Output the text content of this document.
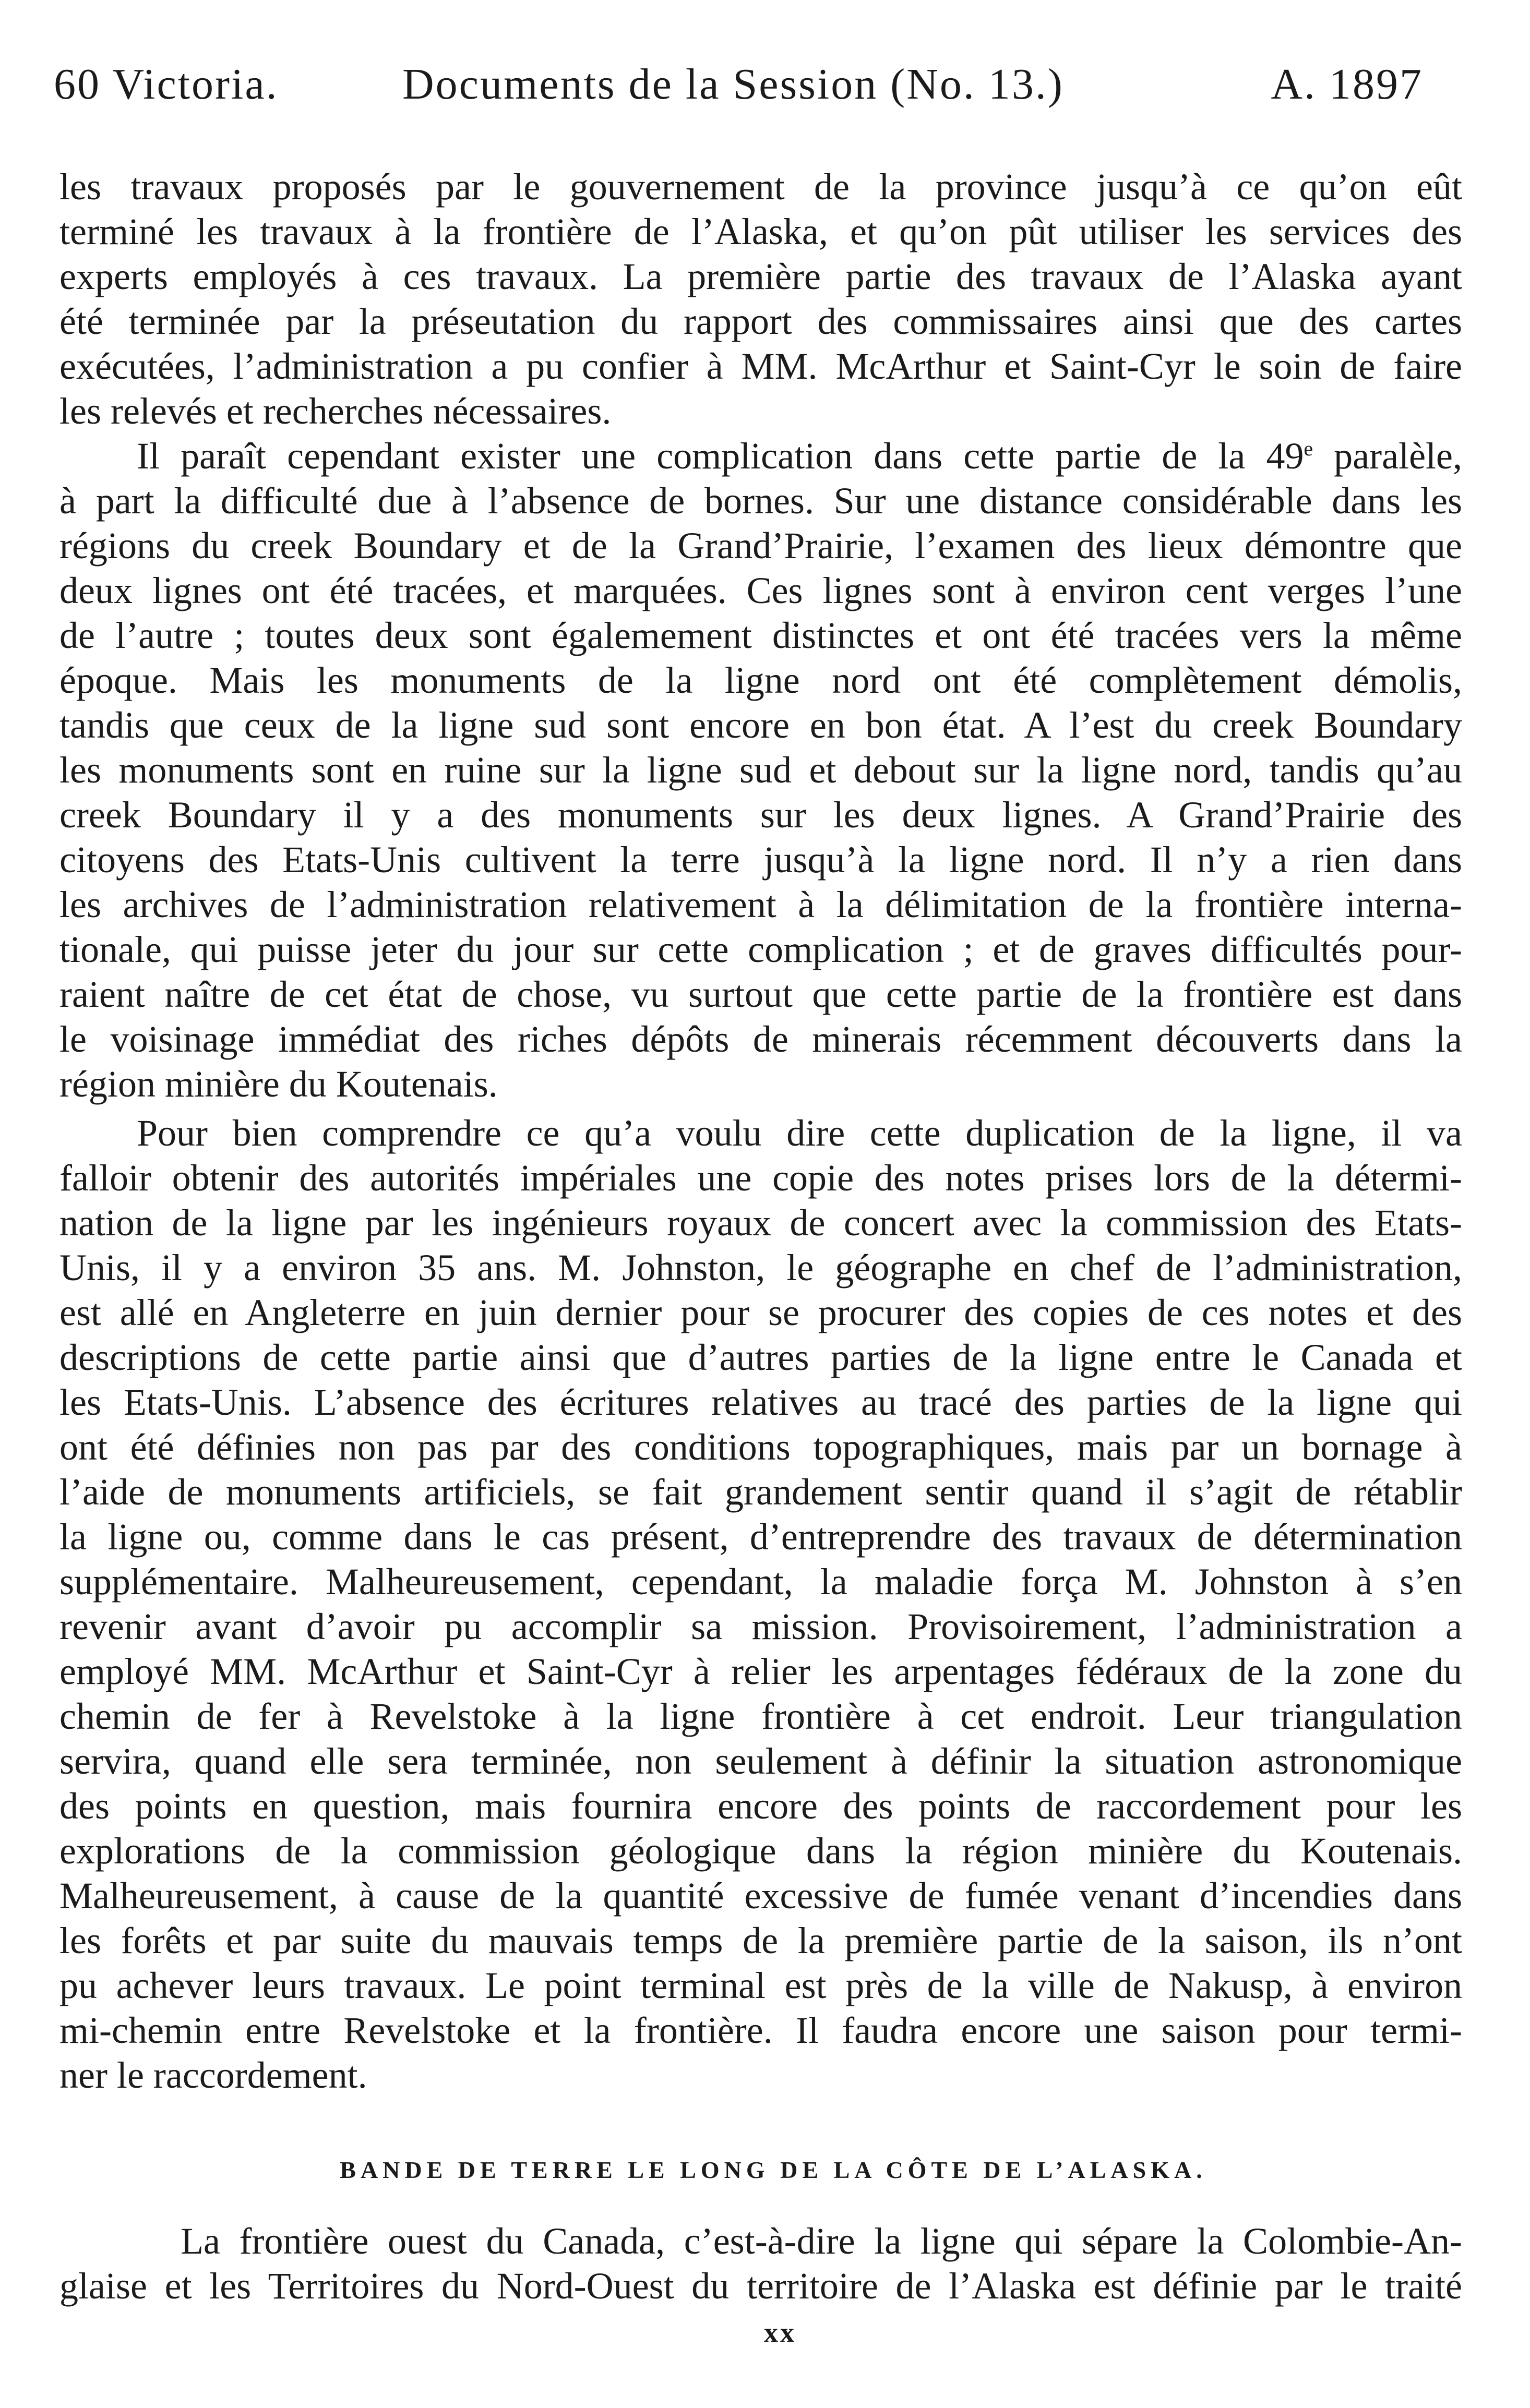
60 Victoria.	Documents de la Session (No. 13.)	A. 1897
les travaux proposés par le gouvernement de la province jusqu’à ce qu’on eût
terminé les travaux à la frontière de l’Alaska, et qu’on pût utiliser les services des
experts employés à ces travaux. La première partie des travaux de l’Alaska ayant
été terminée par la préseutation du rapport des commissaires ainsi que des cartes
exécutées, l’administration a pu confier à MM. McArthur et Saint-Cyr le soin de faire
les relevés et recherches nécessaires.
Il paraît cependant exister une complication dans cette partie de la 49e paralèle,
à part la difficulté due à l’absence de bornes. Sur une distance considérable dans les
régions du creek Boundary et de la Grand’Prairie, l’examen des lieux démontre que
deux lignes ont été tracées, et marquées. Ces lignes sont à environ cent verges l’une
de l’autre ; toutes deux sont égalemement distinctes et ont été tracées vers la même
époque. Mais les monuments de la ligne nord ont été complètement démolis,
tandis que ceux de la ligne sud sont encore en bon état. A l’est du creek Boundary
les monuments sont en ruine sur la ligne sud et debout sur la ligne nord, tandis qu’au
creek Boundary il y a des monuments sur les deux lignes. A Grand’Prairie des
citoyens des Etats-Unis cultivent la terre jusqu’à la ligne nord. Il n’y a rien dans
les archives de l’administration relativement à la délimitation de la frontière interna-
tionale, qui puisse jeter du jour sur cette complication ; et de graves difficultés pour-
raient naître de cet état de chose, vu surtout que cette partie de la frontière est dans
le voisinage immédiat des riches dépôts de minerais récemment découverts dans la
région minière du Koutenais.
Pour bien comprendre ce qu’a voulu dire cette duplication de la ligne, il va
falloir obtenir des autorités impériales une copie des notes prises lors de la détermi-
nation de la ligne par les ingénieurs royaux de concert avec la commission des Etats-
Unis, il y a environ 35 ans. M. Johnston, le géographe en chef de l’administration,
est allé en Angleterre en juin dernier pour se procurer des copies de ces notes et des
descriptions de cette partie ainsi que d’autres parties de la ligne entre le Canada et
les Etats-Unis. L’absence des écritures relatives au tracé des parties de la ligne qui
ont été définies non pas par des conditions topographiques, mais par un bornage à
l’aide de monuments artificiels, se fait grandement sentir quand il s’agit de rétablir
la ligne ou, comme dans le cas présent, d’entreprendre des travaux de détermination
supplémentaire. Malheureusement, cependant, la maladie força M. Johnston à s’en
revenir avant d’avoir pu accomplir sa mission. Provisoirement, l’administration a
employé MM. McArthur et Saint-Cyr à relier les arpentages fédéraux de la zone du
chemin de fer à Revelstoke à la ligne frontière à cet endroit. Leur triangulation
servira, quand elle sera terminée, non seulement à définir la situation astronomique
des points en question, mais fournira encore des points de raccordement pour les
explorations de la commission géologique dans la région minière du Koutenais.
Malheureusement, à cause de la quantité excessive de fumée venant d’incendies dans
les forêts et par suite du mauvais temps de la première partie de la saison, ils n’ont
pu achever leurs travaux. Le point terminal est près de la ville de Nakusp, à environ
mi-chemin entre Revelstoke et la frontière. Il faudra encore une saison pour termi-
ner le raccordement.
BANDE DE TERRE LE LONG DE LA CÔTE DE L’ALASKA.
La frontière ouest du Canada, c’est-à-dire la ligne qui sépare la Colombie-An-
glaise et les Territoires du Nord-Ouest du territoire de l’Alaska est définie par le traité
xx
